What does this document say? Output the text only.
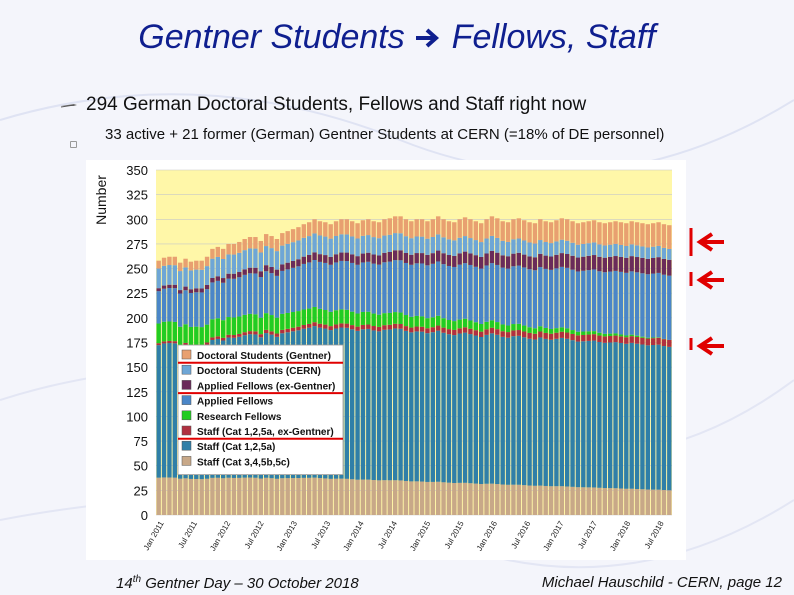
Gentner Students Fellows, Staff
294 German Doctoral Students, Fellows and Staff right now
33 active + 21 former (German) Gentner Students at CERN (=18% of DE personnel)
0
25
50
75
100
125
150
175
200
225
250
275
300
325
350
Jan 2011 Jul 2011 Jan 2012 Jul 2012 Jan 2013 Jul 2013 Jan 2014 Jul 2014 Jan 2015 Jul 2015 Jan 2016 Jul 2016 Jan 2017 Jul 2017 Jan 2018 Jul 2018
Number
Doctoral Students (Gentner)
Doctoral Students (CERN)
Applied Fellows (ex-Gentner)
Applied Fellows
Research Fellows
Staff (Cat 1,2,5a, ex-Gentner)
Staff (Cat 1,2,5a)
Staff (Cat 3,4,5b,5c)
14th Gentner Day – 30 October 2018	Michael Hauschild - CERN, page 12
